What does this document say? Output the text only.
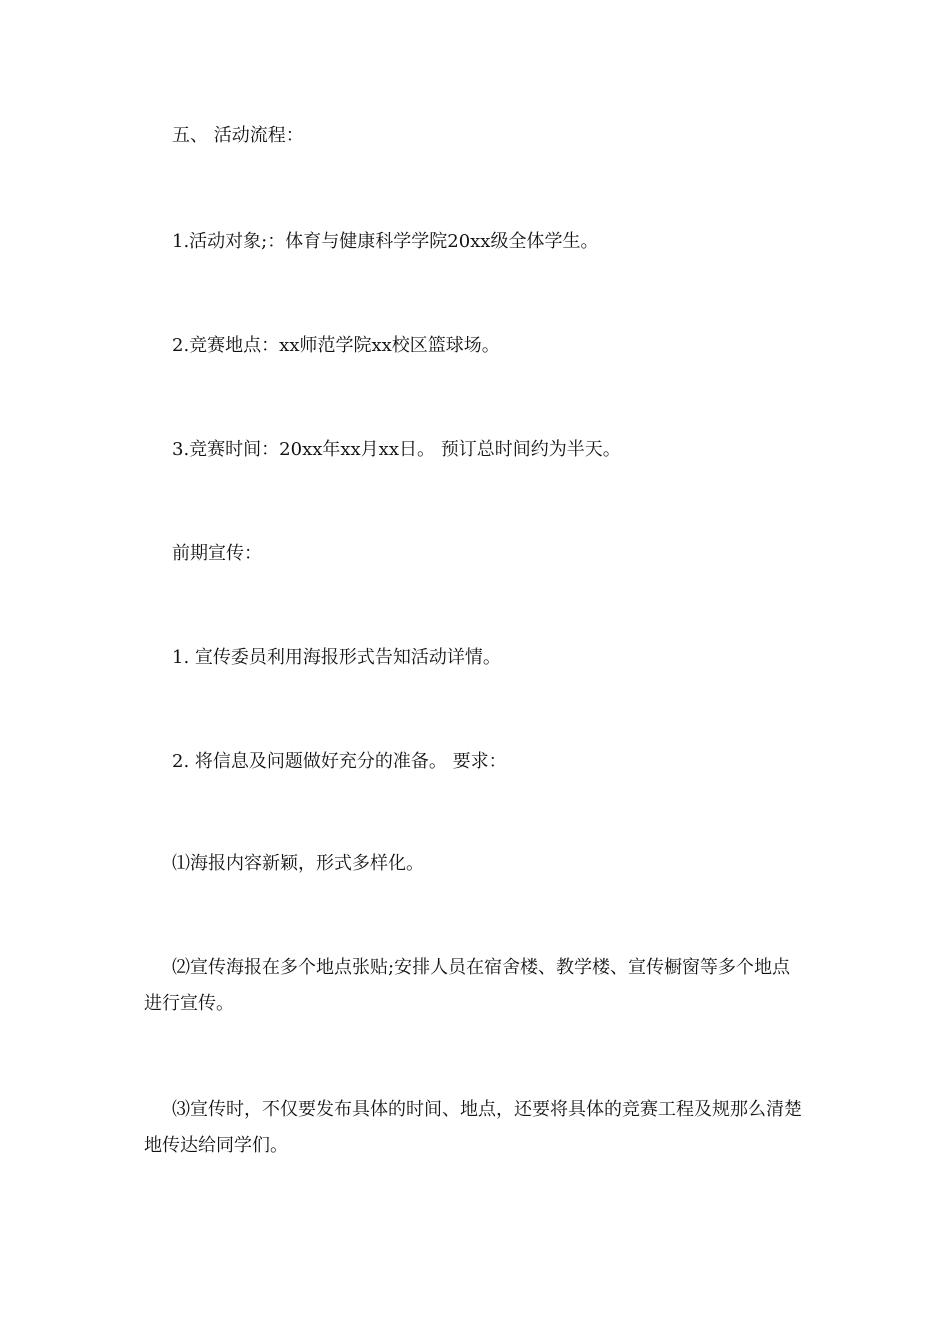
五、 活动流程：

1.活动对象;：体育与健康科学学院20xx级全体学生。

2.竞赛地点：xx师范学院xx校区篮球场。

3.竞赛时间：20xx年xx月xx日。 预订总时间约为半天。

前期宣传：

1. 宣传委员利用海报形式告知活动详情。

2. 将信息及问题做好充分的准备。 要求：

⑴海报内容新颖，形式多样化。

⑵宣传海报在多个地点张贴;安排人员在宿舍楼、教学楼、宣传橱窗等多个地点进行宣传。

⑶宣传时，不仅要发布具体的时间、地点，还要将具体的竞赛工程及规那么清楚地传达给同学们。
